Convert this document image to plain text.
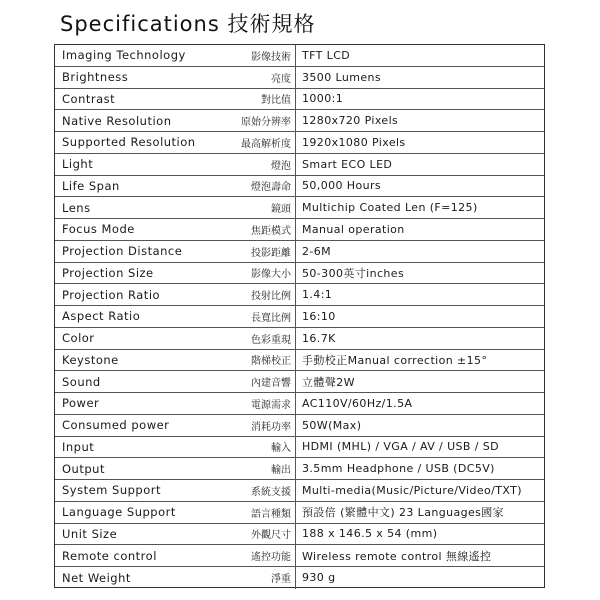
Specifications 技術規格
Imaging Technology	影像技術	TFT LCD
Brightness	亮度	3500 Lumens
Contrast	對比值	1000:1
Native Resolution	原始分辨率	1280x720 Pixels
Supported Resolution	最高解析度	1920x1080 Pixels
Light	燈泡	Smart ECO LED
Life Span	燈泡壽命	50,000 Hours
Lens	鏡頭	Multichip Coated Len (F=125)
Focus Mode	焦距模式	Manual operation
Projection Distance	投影距離	2-6M
Projection Size	影像大小	50-300英寸inches
Projection Ratio	投射比例	1.4:1
Aspect Ratio	長寬比例	16:10
Color	色彩重現	16.7K
Keystone	階梯校正	手動校正Manual correction ±15°
Sound	內建音響	立體聲2W
Power	電源需求	AC110V/60Hz/1.5A
Consumed power	消耗功率	50W(Max)
Input	輸入	HDMI (MHL) / VGA / AV / USB / SD
Output	輸出	3.5mm Headphone / USB (DC5V)
System Support	系統支援	Multi-media(Music/Picture/Video/TXT)
Language Support	語言種類	預設倍 (繁體中文) 23 Languages國家
Unit Size	外觀尺寸	188 x 146.5 x 54 (mm)
Remote control	遙控功能	Wireless remote control 無線遙控
Net Weight	淨重	930 g
